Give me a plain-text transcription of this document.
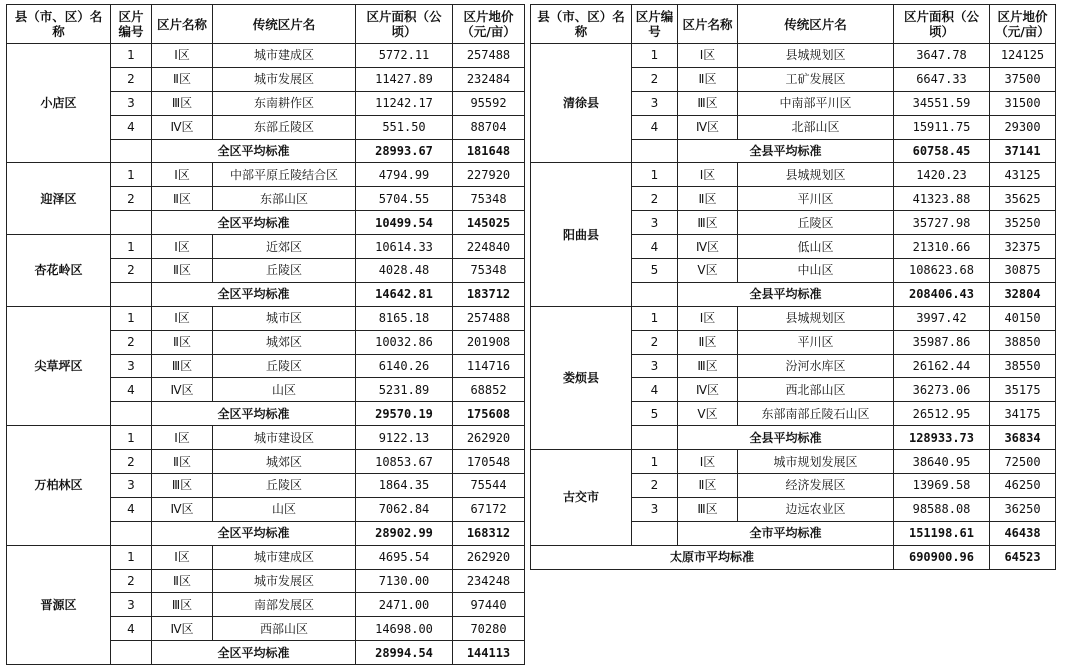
县（市、区）名称	区片编号	区片名称	传统区片名	区片面积（公顷）	区片地价（元/亩）
小店区	1	Ⅰ区	城市建成区	5772.11	257488
	2	Ⅱ区	城市发展区	11427.89	232484
	3	Ⅲ区	东南耕作区	11242.17	95592
	4	Ⅳ区	东部丘陵区	551.50	88704
		全区平均标准		28993.67	181648
迎泽区	1	Ⅰ区	中部平原丘陵结合区	4794.99	227920
	2	Ⅱ区	东部山区	5704.55	75348
		全区平均标准		10499.54	145025
杏花岭区	1	Ⅰ区	近郊区	10614.33	224840
	2	Ⅱ区	丘陵区	4028.48	75348
		全区平均标准		14642.81	183712
尖草坪区	1	Ⅰ区	城市区	8165.18	257488
	2	Ⅱ区	城郊区	10032.86	201908
	3	Ⅲ区	丘陵区	6140.26	114716
	4	Ⅳ区	山区	5231.89	68852
		全区平均标准		29570.19	175608
万柏林区	1	Ⅰ区	城市建设区	9122.13	262920
	2	Ⅱ区	城郊区	10853.67	170548
	3	Ⅲ区	丘陵区	1864.35	75544
	4	Ⅳ区	山区	7062.84	67172
		全区平均标准		28902.99	168312
晋源区	1	Ⅰ区	城市建成区	4695.54	262920
	2	Ⅱ区	城市发展区	7130.00	234248
	3	Ⅲ区	南部发展区	2471.00	97440
	4	Ⅳ区	西部山区	14698.00	70280
		全区平均标准		28994.54	144113
县（市、区）名称	区片编号	区片名称	传统区片名	区片面积（公顷）	区片地价（元/亩）
清徐县	1	Ⅰ区	县城规划区	3647.78	124125
	2	Ⅱ区	工矿发展区	6647.33	37500
	3	Ⅲ区	中南部平川区	34551.59	31500
	4	Ⅳ区	北部山区	15911.75	29300
		全县平均标准		60758.45	37141
阳曲县	1	Ⅰ区	县城规划区	1420.23	43125
	2	Ⅱ区	平川区	41323.88	35625
	3	Ⅲ区	丘陵区	35727.98	35250
	4	Ⅳ区	低山区	21310.66	32375
	5	Ⅴ区	中山区	108623.68	30875
		全县平均标准		208406.43	32804
娄烦县	1	Ⅰ区	县城规划区	3997.42	40150
	2	Ⅱ区	平川区	35987.86	38850
	3	Ⅲ区	汾河水库区	26162.44	38550
	4	Ⅳ区	西北部山区	36273.06	35175
	5	Ⅴ区	东部南部丘陵石山区	26512.95	34175
		全县平均标准		128933.73	36834
古交市	1	Ⅰ区	城市规划发展区	38640.95	72500
	2	Ⅱ区	经济发展区	13969.58	46250
	3	Ⅲ区	边远农业区	98588.08	36250
		全市平均标准		151198.61	46438
太原市平均标准				690900.96	64523
